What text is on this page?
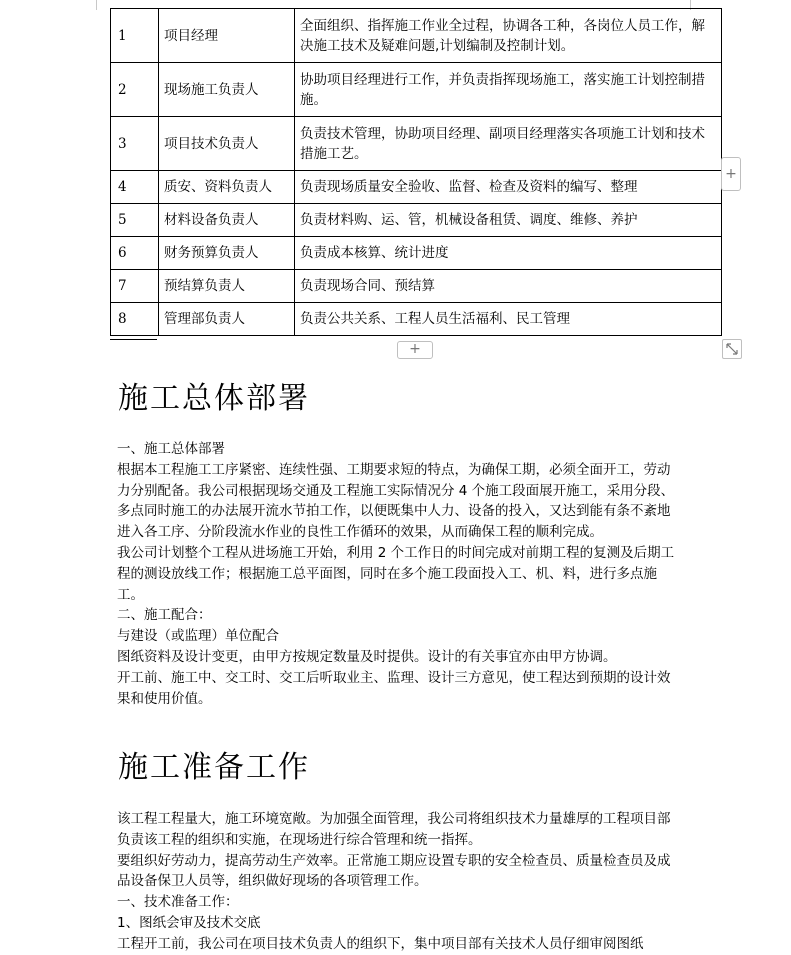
1	项目经理	全面组织、指挥施工作业全过程，协调各工种，各岗位人员工作，解决施工技术及疑难问题,计划编制及控制计划。
2	现场施工负责人	协助项目经理进行工作，并负责指挥现场施工，落实施工计划控制措施。
3	项目技术负责人	负责技术管理，协助项目经理、副项目经理落实各项施工计划和技术措施工艺。
4	质安、资料负责人	负责现场质量安全验收、监督、检查及资料的编写、整理
5	材料设备负责人	负责材料购、运、管，机械设备租赁、调度、维修、养护
6	财务预算负责人	负责成本核算、统计进度
7	预结算负责人	负责现场合同、预结算
8	管理部负责人	负责公共关系、工程人员生活福利、民工管理
+
+
施工总体部署

一、施工总体部署

根据本工程施工工序紧密、连续性强、工期要求短的特点，为确保工期，必须全面开工，劳动力分别配备。我公司根据现场交通及工程施工实际情况分 4 个施工段面展开施工，采用分段、多点同时施工的办法展开流水节拍工作，以便既集中人力、设备的投入，又达到能有条不紊地进入各工序、分阶段流水作业的良性工作循环的效果，从而确保工程的顺利完成。

我公司计划整个工程从进场施工开始，利用 2 个工作日的时间完成对前期工程的复测及后期工程的测设放线工作；根据施工总平面图，同时在多个施工段面投入工、机、料，进行多点施工。

二、施工配合：

与建设（或监理）单位配合

图纸资料及设计变更，由甲方按规定数量及时提供。设计的有关事宜亦由甲方协调。

开工前、施工中、交工时、交工后听取业主、监理、设计三方意见，使工程达到预期的设计效果和使用价值。

施工准备工作

该工程工程量大，施工环境宽敞。为加强全面管理，我公司将组织技术力量雄厚的工程项目部负责该工程的组织和实施，在现场进行综合管理和统一指挥。

要组织好劳动力，提高劳动生产效率。正常施工期应设置专职的安全检查员、质量检查员及成品设备保卫人员等，组织做好现场的各项管理工作。

一、技术准备工作：

1、图纸会审及技术交底

工程开工前，我公司在项目技术负责人的组织下，集中项目部有关技术人员仔细审阅图纸
